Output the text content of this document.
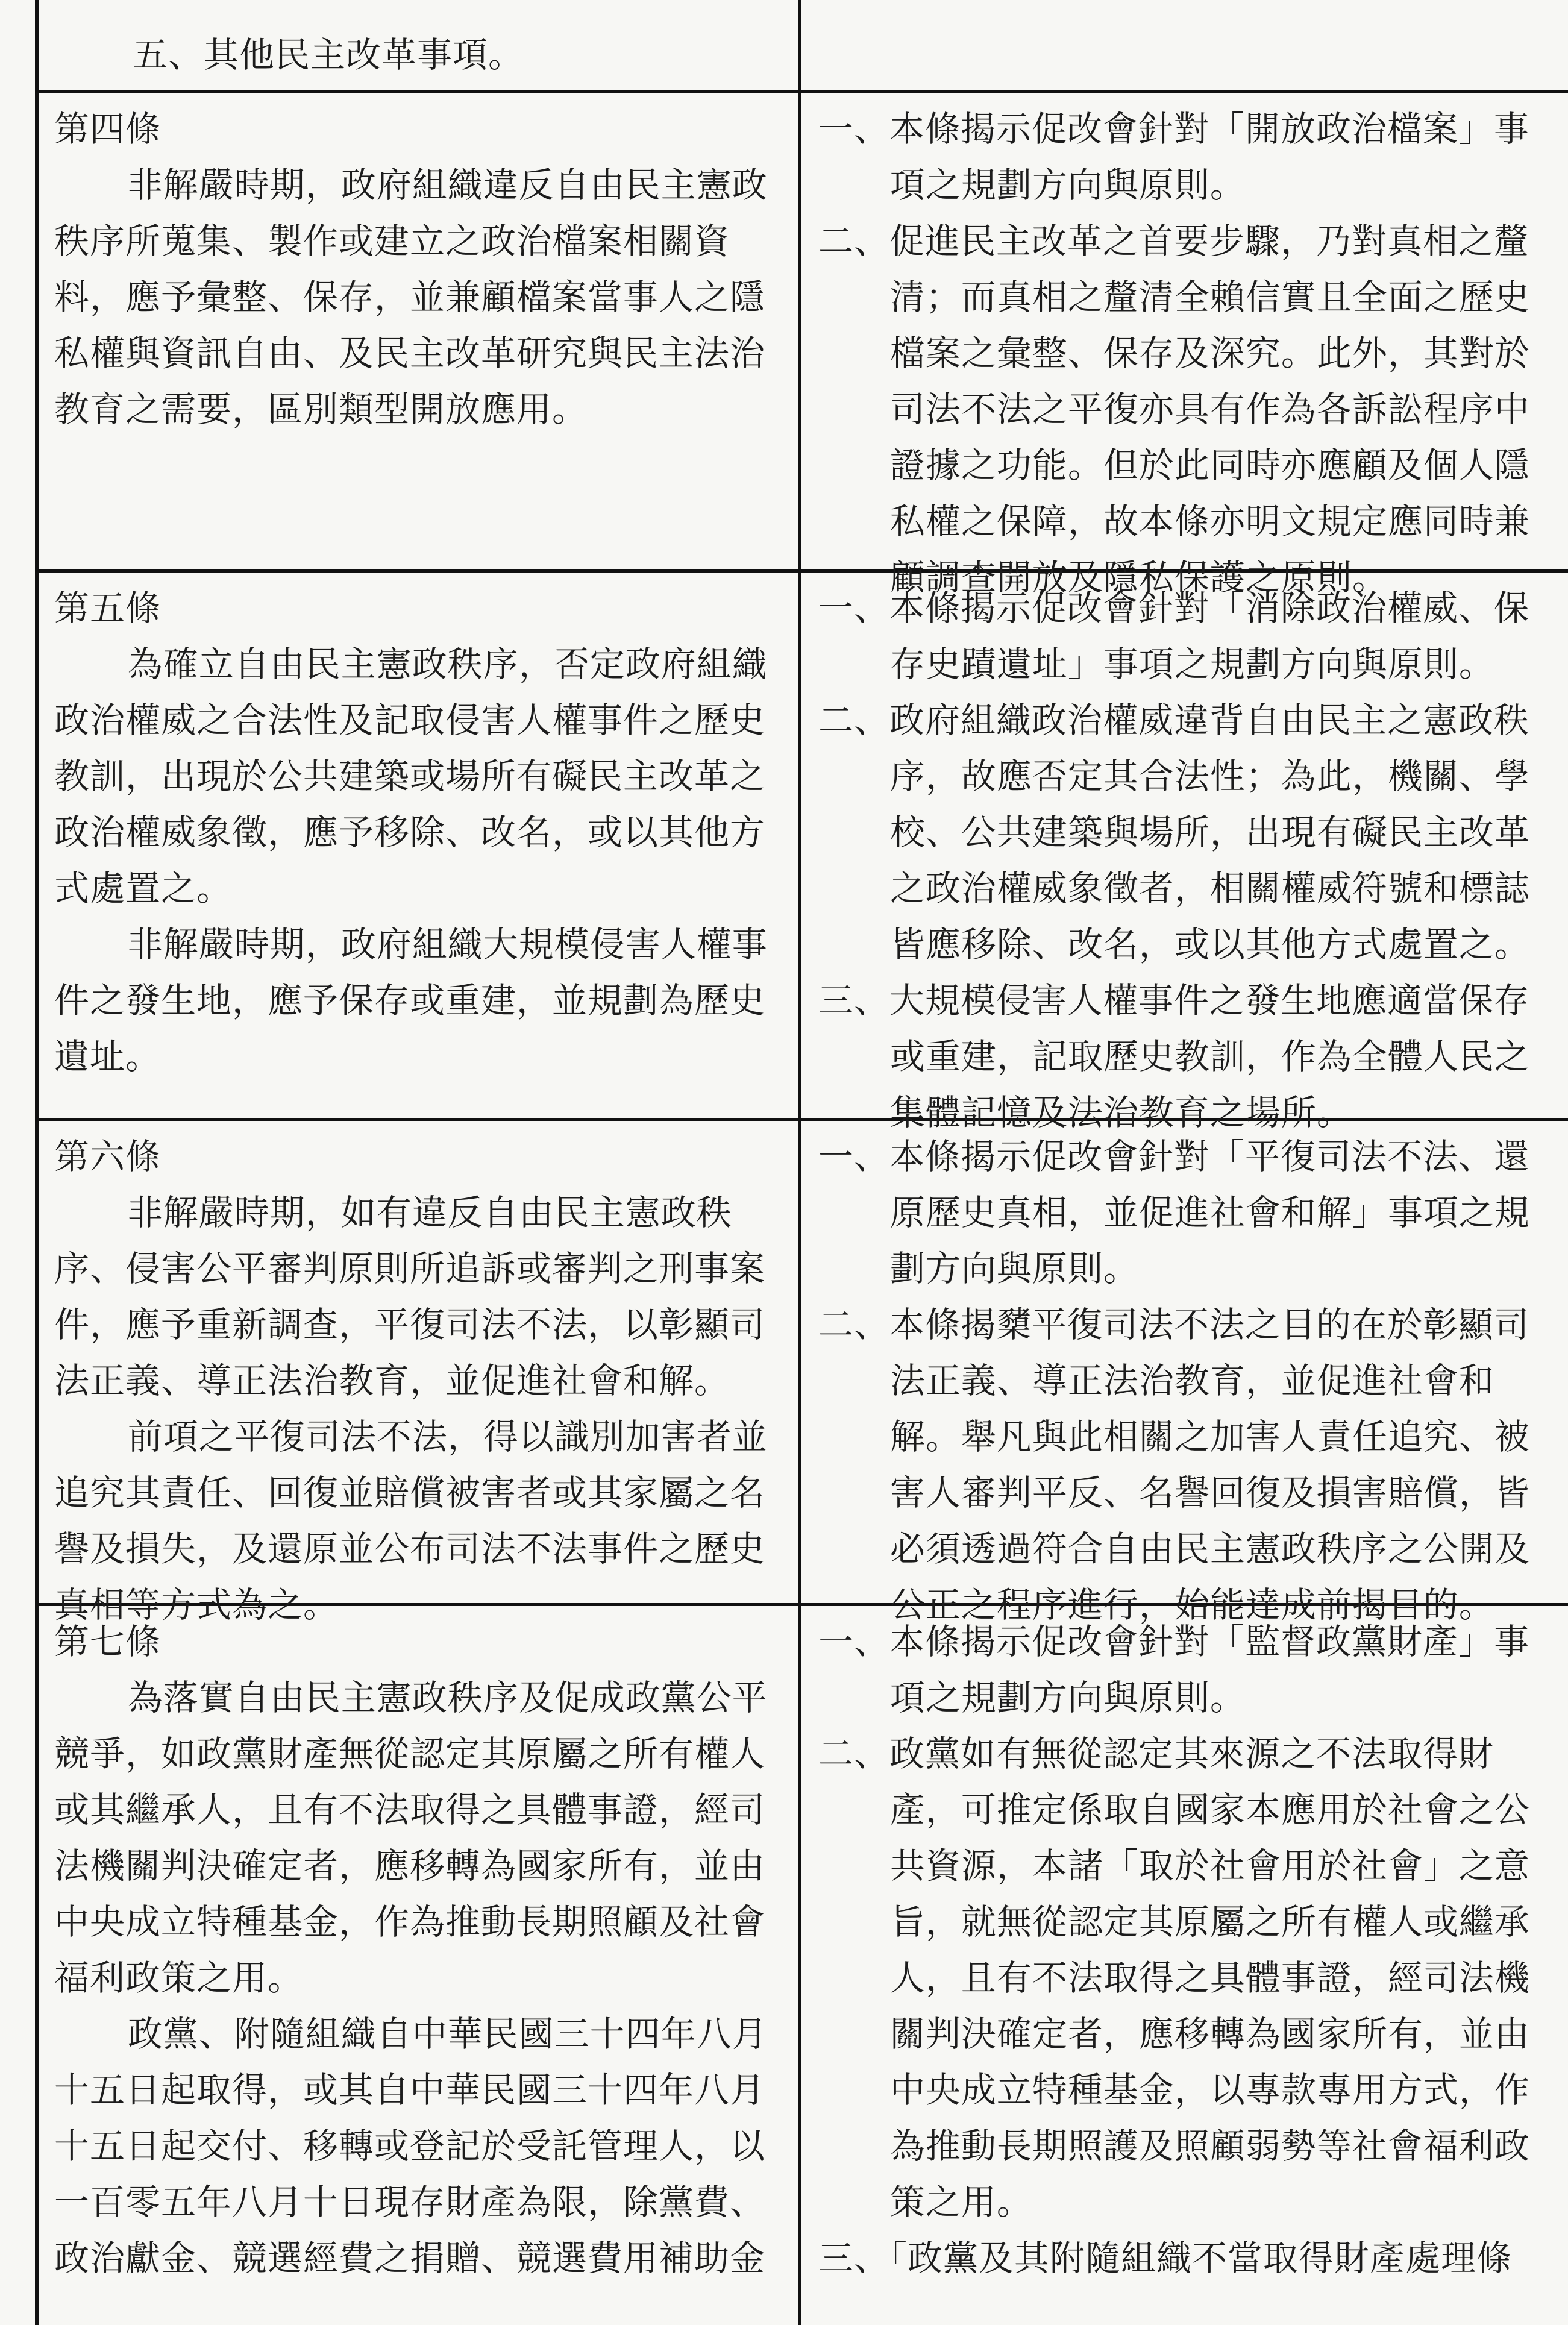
五、其他民主改革事項。
第四條
非解嚴時期，政府組織違反自由民主憲政秩序所蒐集、製作或建立之政治檔案相關資料，應予彙整、保存，並兼顧檔案當事人之隱私權與資訊自由、及民主改革研究與民主法治教育之需要，區別類型開放應用。
一、本條揭示促改會針對「開放政治檔案」事項之規劃方向與原則。
二、促進民主改革之首要步驟，乃對真相之釐清；而真相之釐清全賴信實且全面之歷史檔案之彙整、保存及深究。此外，其對於司法不法之平復亦具有作為各訴訟程序中證據之功能。但於此同時亦應顧及個人隱私權之保障，故本條亦明文規定應同時兼顧調查開放及隱私保護之原則。
第五條
為確立自由民主憲政秩序，否定政府組織政治權威之合法性及記取侵害人權事件之歷史教訓，出現於公共建築或場所有礙民主改革之政治權威象徵，應予移除、改名，或以其他方式處置之。
非解嚴時期，政府組織大規模侵害人權事件之發生地，應予保存或重建，並規劃為歷史遺址。
一、本條揭示促改會針對「消除政治權威、保存史蹟遺址」事項之規劃方向與原則。
二、政府組織政治權威違背自由民主之憲政秩序，故應否定其合法性；為此，機關、學校、公共建築與場所，出現有礙民主改革之政治權威象徵者，相關權威符號和標誌皆應移除、改名，或以其他方式處置之。
三、大規模侵害人權事件之發生地應適當保存或重建，記取歷史教訓，作為全體人民之集體記憶及法治教育之場所。
第六條
非解嚴時期，如有違反自由民主憲政秩序、侵害公平審判原則所追訴或審判之刑事案件，應予重新調查，平復司法不法，以彰顯司法正義、導正法治教育，並促進社會和解。
前項之平復司法不法，得以識別加害者並追究其責任、回復並賠償被害者或其家屬之名譽及損失，及還原並公布司法不法事件之歷史真相等方式為之。
一、本條揭示促改會針對「平復司法不法、還原歷史真相，並促進社會和解」事項之規劃方向與原則。
二、本條揭櫫平復司法不法之目的在於彰顯司法正義、導正法治教育，並促進社會和解。舉凡與此相關之加害人責任追究、被害人審判平反、名譽回復及損害賠償，皆必須透過符合自由民主憲政秩序之公開及公正之程序進行，始能達成前揭目的。
第七條
為落實自由民主憲政秩序及促成政黨公平競爭，如政黨財產無從認定其原屬之所有權人或其繼承人，且有不法取得之具體事證，經司法機關判決確定者，應移轉為國家所有，並由中央成立特種基金，作為推動長期照顧及社會福利政策之用。
政黨、附隨組織自中華民國三十四年八月十五日起取得，或其自中華民國三十四年八月十五日起交付、移轉或登記於受託管理人，以一百零五年八月十日現存財產為限，除黨費、政治獻金、競選經費之捐贈、競選費用補助金
一、本條揭示促改會針對「監督政黨財產」事項之規劃方向與原則。
二、政黨如有無從認定其來源之不法取得財產，可推定係取自國家本應用於社會之公共資源，本諸「取於社會用於社會」之意旨，就無從認定其原屬之所有權人或繼承人，且有不法取得之具體事證，經司法機關判決確定者，應移轉為國家所有，並由中央成立特種基金，以專款專用方式，作為推動長期照護及照顧弱勢等社會福利政策之用。
三、「政黨及其附隨組織不當取得財產處理條
